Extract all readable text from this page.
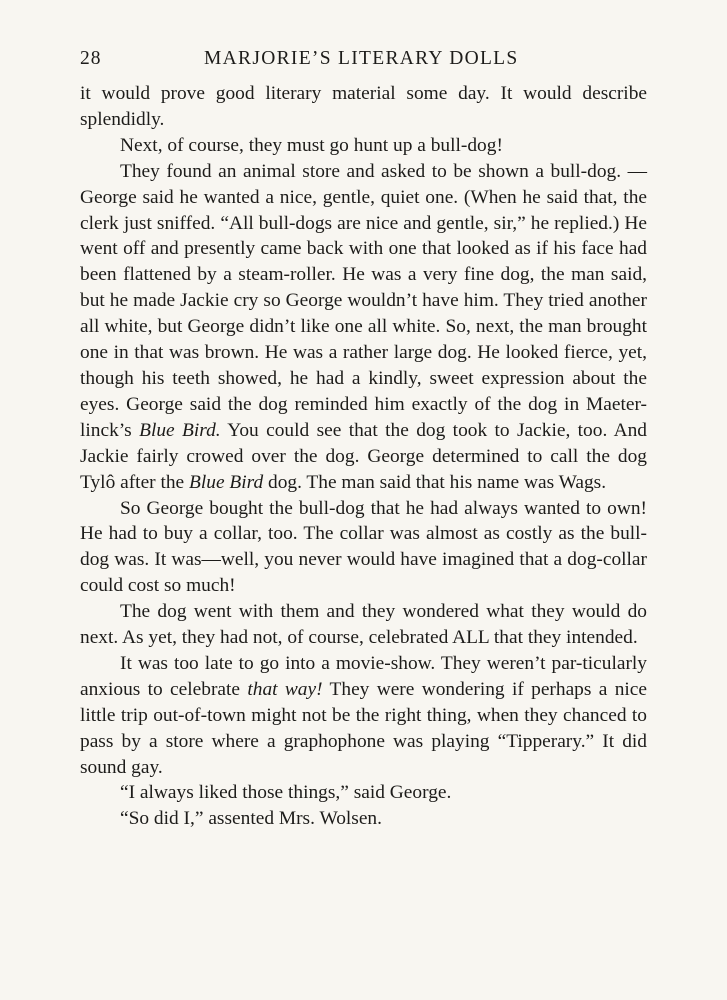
28	MARJORIE’S LITERARY DOLLS

it would prove good literary material some day. It would describe splendidly.

Next, of course, they must go hunt up a bull-dog!

They found an animal store and asked to be shown a bull-dog. —George said he wanted a nice, gentle, quiet one. (When he said that, the clerk just sniffed. “All bull-dogs are nice and gentle, sir,” he replied.) He went off and presently came back with one that looked as if his face had been flattened by a steam-roller. He was a very fine dog, the man said, but he made Jackie cry so George wouldn’t have him. They tried another all white, but George didn’t like one all white. So, next, the man brought one in that was brown. He was a rather large dog. He looked fierce, yet, though his teeth showed, he had a kindly, sweet expression about the eyes. George said the dog reminded him exactly of the dog in Maeter-linck’s Blue Bird. You could see that the dog took to Jackie, too. And Jackie fairly crowed over the dog. George determined to call the dog Tylô after the Blue Bird dog. The man said that his name was Wags.

So George bought the bull-dog that he had always wanted to own! He had to buy a collar, too. The collar was almost as costly as the bull-dog was. It was—well, you never would have imagined that a dog-collar could cost so much!

The dog went with them and they wondered what they would do next. As yet, they had not, of course, celebrated ALL that they intended.

It was too late to go into a movie-show. They weren’t par-ticularly anxious to celebrate that way! They were wondering if perhaps a nice little trip out-of-town might not be the right thing, when they chanced to pass by a store where a graphophone was playing “Tipperary.” It did sound gay.

“I always liked those things,” said George.

“So did I,” assented Mrs. Wolsen.
